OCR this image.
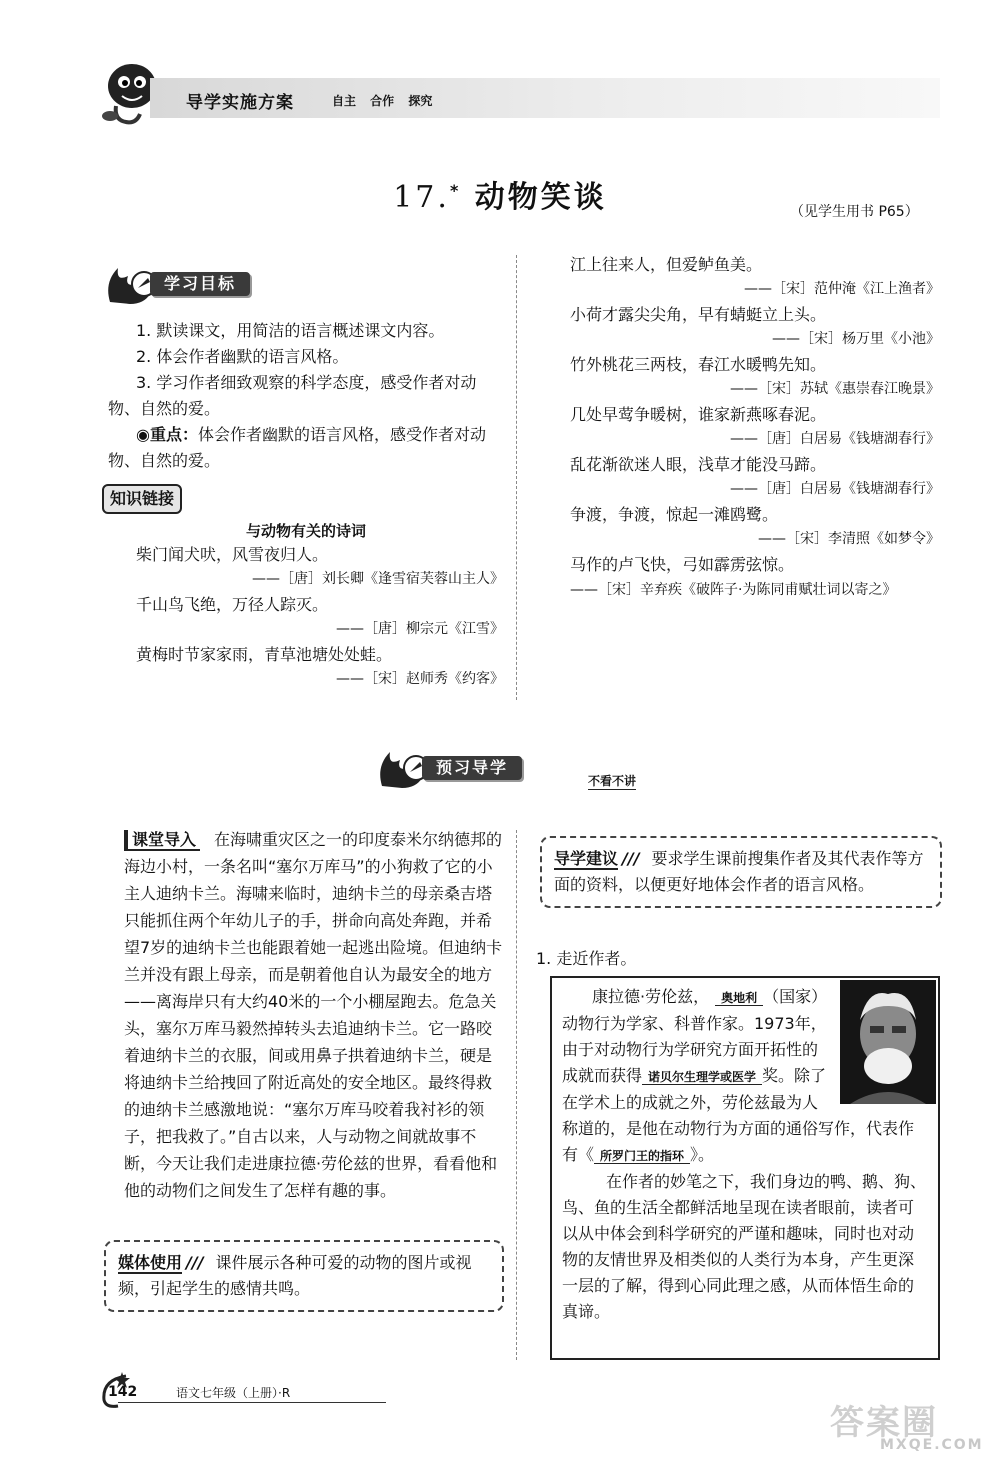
导学实施方案	自主 合作 探究
17.* 动物笑谈	（见学生用书 P65）
学习目标
1. 默读课文，用简洁的语言概述课文内容。
2. 体会作者幽默的语言风格。
3. 学习作者细致观察的科学态度，感受作者对动物、自然的爱。
◉重点：体会作者幽默的语言风格，感受作者对动物、自然的爱。
知识链接
与动物有关的诗词
柴门闻犬吠，风雪夜归人。
——［唐］刘长卿《逢雪宿芙蓉山主人》
千山鸟飞绝，万径人踪灭。
——［唐］柳宗元《江雪》
黄梅时节家家雨，青草池塘处处蛙。
——［宋］赵师秀《约客》
江上往来人，但爱鲈鱼美。
——［宋］范仲淹《江上渔者》
小荷才露尖尖角，早有蜻蜓立上头。
——［宋］杨万里《小池》
竹外桃花三两枝，春江水暖鸭先知。
——［宋］苏轼《惠崇春江晚景》
几处早莺争暖树，谁家新燕啄春泥。
——［唐］白居易《钱塘湖春行》
乱花渐欲迷人眼，浅草才能没马蹄。
——［唐］白居易《钱塘湖春行》
争渡，争渡，惊起一滩鸥鹭。
——［宋］李清照《如梦令》
马作的卢飞快，弓如霹雳弦惊。
——［宋］辛弃疾《破阵子·为陈同甫赋壮词以寄之》
预习导学
不看不讲
课堂导入 在海啸重灾区之一的印度泰米尔纳德邦的海边小村，一条名叫“塞尔万库马”的小狗救了它的小主人迪纳卡兰。海啸来临时，迪纳卡兰的母亲桑吉塔只能抓住两个年幼儿子的手，拼命向高处奔跑，并希望7岁的迪纳卡兰也能跟着她一起逃出险境。但迪纳卡兰并没有跟上母亲，而是朝着他自认为最安全的地方——离海岸只有大约40米的一个小棚屋跑去。危急关头，塞尔万库马毅然掉转头去追迪纳卡兰。它一路咬着迪纳卡兰的衣服，间或用鼻子拱着迪纳卡兰，硬是将迪纳卡兰给拽回了附近高处的安全地区。最终得救的迪纳卡兰感激地说：“塞尔万库马咬着我衬衫的领子，把我救了。”自古以来，人与动物之间就故事不断，今天让我们走进康拉德·劳伦兹的世界，看看他和他的动物们之间发生了怎样有趣的事。
媒体使用 /// 课件展示各种可爱的动物的图片或视频，引起学生的感情共鸣。
导学建议 /// 要求学生课前搜集作者及其代表作等方面的资料，以便更好地体会作者的语言风格。
1. 走近作者。
康拉德·劳伦兹， 奥地利 （国家）动物行为学家、科普作家。1973年，由于对动物行为学研究方面开拓性的成就而获得 诺贝尔生理学或医学 奖。除了在学术上的成就之外，劳伦兹最为人称道的，是他在动物行为方面的通俗写作，代表作有《 所罗门王的指环 》。
在作者的妙笔之下，我们身边的鸭、鹅、狗、鸟、鱼的生活全都鲜活地呈现在读者眼前，读者可以从中体会到科学研究的严谨和趣味，同时也对动物的友情世界及相类似的人类行为本身，产生更深一层的了解，得到心同此理之感，从而体悟生命的真谛。
142	语文七年级（上册）·R
答案圈
MXQE.COM
